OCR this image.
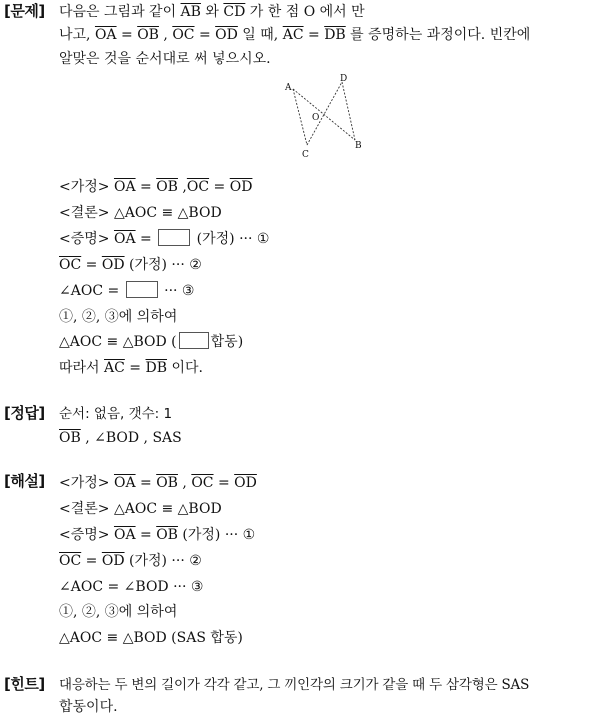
[문제] 다음은 그림과 같이 $\overline{AB}$ 와 $\overline{CD}$ 가 한 점 O 에서 만
나고, $\overline{OA} = \overline{OB}$ , $\overline{OC} = \overline{OD}$ 일 때, $\overline{AC} = \overline{DB}$ 를 증명하는 과정이다. 빈칸에
알맞은 것을 순서대로 써 넣으시오.
A
D
O
C
B
<가정> $\overline{OA} = \overline{OB}$ $,\overline{OC} = \overline{OD}$
<결론> △AOC ≡ △BOD
<증명> $\overline{OA}$ =	(가정) ··· ①
$\overline{OC} = \overline{OD}$ (가정) ··· ②
∠AOC =	··· ③
①, ②, ③에 의하여
△AOC ≡ △BOD ( 합동)
따라서 $\overline{AC} = \overline{DB}$ 이다.
[정답] 순서: 없음, 갯수: 1
$\overline{OB}$ , ∠BOD , SAS
[해설] <가정> $\overline{OA} = \overline{OB}$ , $\overline{OC} = \overline{OD}$
<결론> △AOC ≡ △BOD
<증명> $\overline{OA} = \overline{OB}$ (가정) ··· ①
$\overline{OC} = \overline{OD}$ (가정) ··· ②
∠AOC = ∠BOD ··· ③
①, ②, ③에 의하여
△AOC ≡ △BOD (SAS 합동)
[힌트] 대응하는 두 변의 길이가 각각 같고, 그 끼인각의 크기가 같을 때 두 삼각형은 SAS
합동이다.
